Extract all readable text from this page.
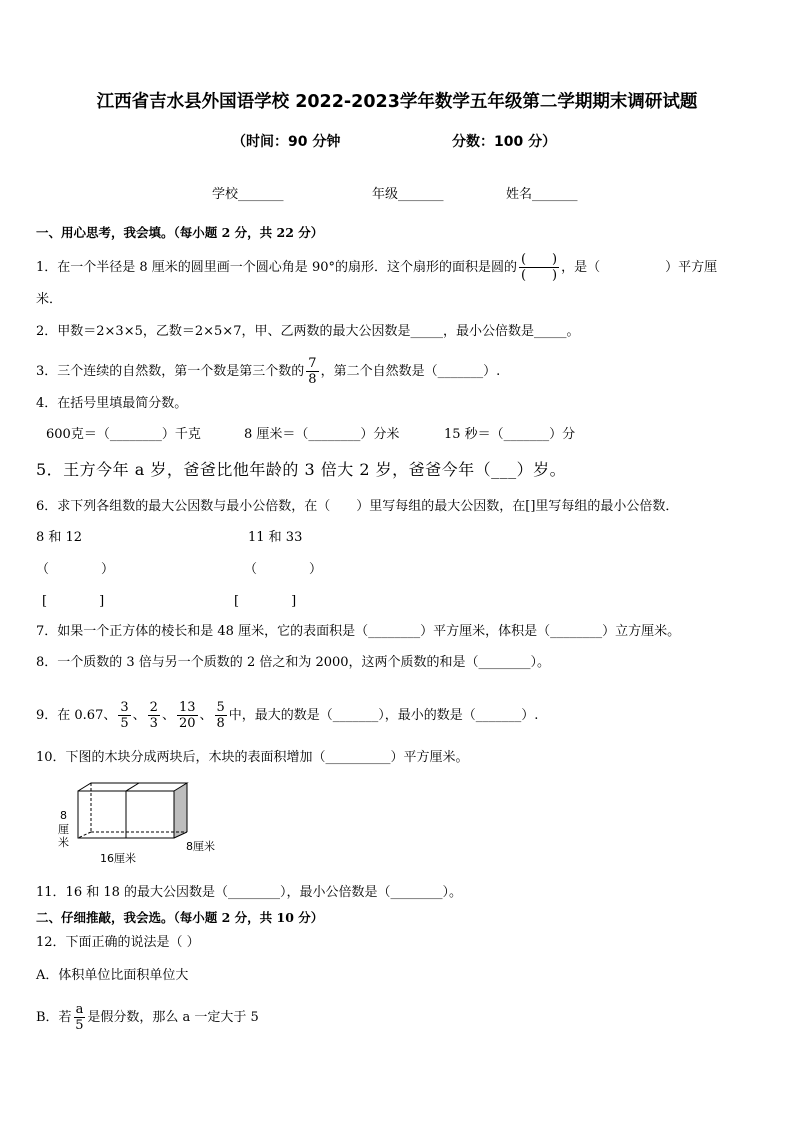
江西省吉水县外国语学校 2022-2023学年数学五年级第二学期期末调研试题
（时间：90 分钟	分数：100 分）
学校_______	年级_______	姓名_______
一、用心思考，我会填。（每小题 2 分，共 22 分）
1．在一个半径是 8 厘米的圆里画一个圆心角是 90°的扇形．这个扇形的面积是圆的 $\frac{( )}{( )}$ ，是（　　　　　）平方厘
米．
2．甲数＝2×3×5，乙数＝2×5×7，甲、乙两数的最大公因数是_____，最小公倍数是_____。
3．三个连续的自然数，第一个数是第三个数的 $\frac{7}{8}$ ，第二个自然数是（_______）.
4．在括号里填最简分数。
600克＝（________）千克	8 厘米＝（________）分米	15 秒＝（_______）分
5．王方今年 a 岁，爸爸比他年龄的 3 倍大 2 岁，爸爸今年（___）岁。
6．求下列各组数的最大公因数与最小公倍数，在（　　）里写每组的最大公因数，在[]里写每组的最小公倍数．
8 和 12	11 和 33
（　　　　）	（　　　　）
[　　　　]	[　　　　]
7．如果一个正方体的棱长和是 48 厘米，它的表面积是（________）平方厘米，体积是（________）立方厘米。
8．一个质数的 3 倍与另一个质数的 2 倍之和为 2000，这两个质数的和是（________）。
9．在 0.67、 $\frac{3}{5}$ 、 $\frac{2}{3}$ 、 $\frac{13}{20}$ 、 $\frac{5}{8}$ 中，最大的数是（_______），最小的数是（_______）.
10．下图的木块分成两块后，木块的表面积增加（__________）平方厘米。
8
厘
米
16厘米
8厘米
11．16 和 18 的最大公因数是（________），最小公倍数是（________）。
二、仔细推敲，我会选。（每小题 2 分，共 10 分）
12．下面正确的说法是（ ）
A．体积单位比面积单位大
B．若 $\frac{a}{5}$ 是假分数，那么 a 一定大于 5
